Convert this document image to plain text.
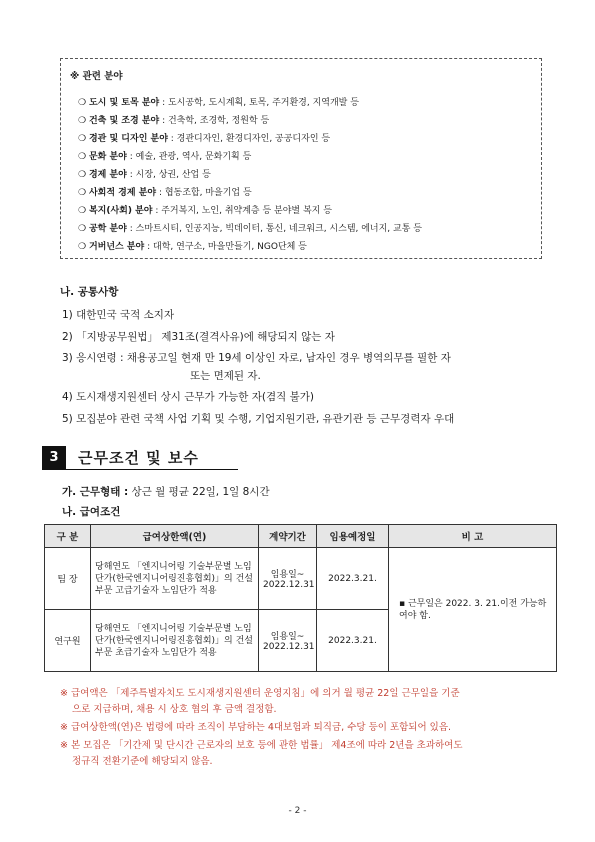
※ 관련 분야
❍ 도시 및 토목 분야 : 도시공학, 도시계획, 토목, 주거환경, 지역개발 등
❍ 건축 및 조경 분야 : 건축학, 조경학, 정원학 등
❍ 경관 및 디자인 분야 : 경관디자인, 환경디자인, 공공디자인 등
❍ 문화 분야 : 예술, 관광, 역사, 문화기획 등
❍ 경제 분야 : 시장, 상권, 산업 등
❍ 사회적 경제 분야 : 협동조합, 마을기업 등
❍ 복지(사회) 분야 : 주거복지, 노인, 취약계층 등 분야별 복지 등
❍ 공학 분야 : 스마트시티, 인공지능, 빅데이터, 통신, 네크워크, 시스템, 에너지, 교통 등
❍ 거버넌스 분야 : 대학, 연구소, 마을만들기, NGO단체 등
나. 공통사항
1) 대한민국 국적 소지자
2) 「지방공무원법」 제31조(결격사유)에 해당되지 않는 자
3) 응시연령 : 채용공고일 현재 만 19세 이상인 자로, 남자인 경우 병역의무를 필한 자
또는 면제된 자.
4) 도시재생지원센터 상시 근무가 가능한 자(겸직 불가)
5) 모집분야 관련 국책 사업 기획 및 수행, 기업지원기관, 유관기관 등 근무경력자 우대
3	근무조건 및 보수
가. 근무형태 : 상근 월 평균 22일, 1일 8시간
나. 급여조건
구 분	급여상한액(연)	계약기간	임용예정일	비 고
팀 장	당해연도 「엔지니어링 기술부문별 노임단가(한국엔지니어링진흥협회)」의 건설부문 고급기술자 노임단가 적용	임용일~ 2022.12.31	2022.3.21.	▪ 근무일은 2022. 3. 21.이전 가능하여야 함.
연구원	당해연도 「엔지니어링 기술부문별 노임단가(한국엔지니어링진흥협회)」의 건설부문 초급기술자 노임단가 적용	임용일~ 2022.12.31	2022.3.21.	
※ 급여액은 「제주특별자치도 도시재생지원센터 운영지침」에 의거 월 평균 22일 근무일을 기준
으로 지급하며, 채용 시 상호 협의 후 금액 결정함.
※ 급여상한액(연)은 법령에 따라 조직이 부담하는 4대보험과 퇴직금, 수당 등이 포함되어 있음.
※ 본 모집은 「기간제 및 단시간 근로자의 보호 등에 관한 법률」 제4조에 따라 2년을 초과하여도
정규직 전환기준에 해당되지 않음.
- 2 -
